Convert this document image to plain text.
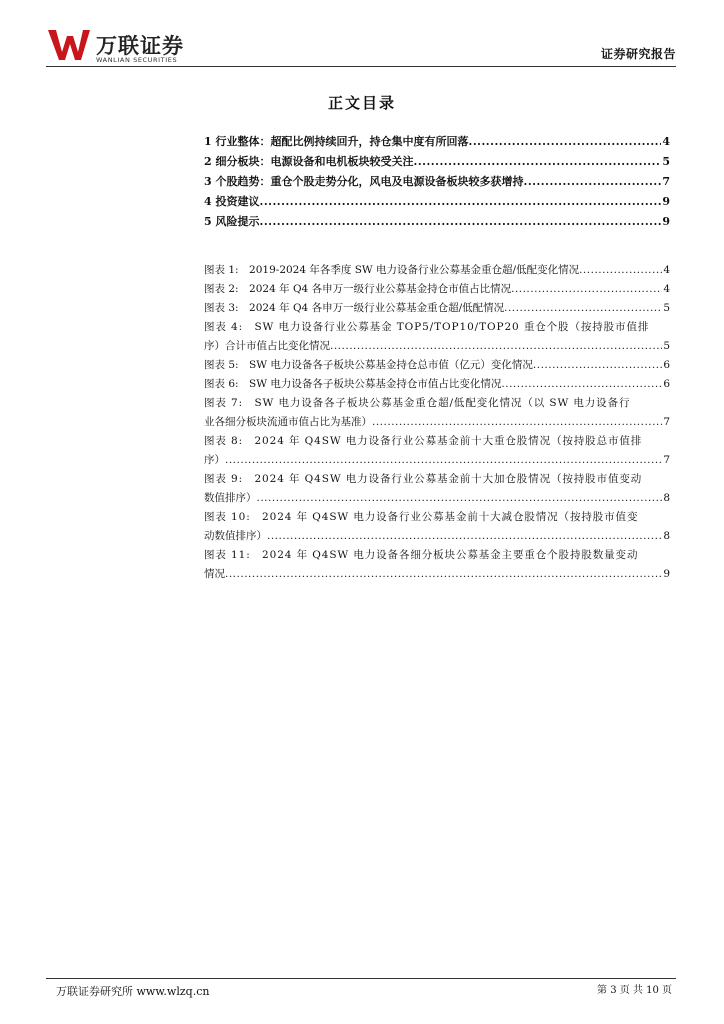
万联证券
WANLIAN SECURITIES	证券研究报告
正文目录
1 行业整体：超配比例持续回升，持仓集中度有所回落 .....	4
2 细分板块：电源设备和电机板块较受关注 .....	5
3 个股趋势：重仓个股走势分化，风电及电源设备板块较多获增持 .....	7
4 投资建议 .....	9
5 风险提示 .....	9
图表 1:　2019-2024 年各季度 SW 电力设备行业公募基金重仓超/低配变化情况 .....	4
图表 2:　2024 年 Q4 各申万一级行业公募基金持仓市值占比情况 .....	4
图表 3:　2024 年 Q4 各申万一级行业公募基金重仓超/低配情况 .....	5
图表 4:　SW 电力设备行业公募基金 TOP5/TOP10/TOP20 重仓个股（按持股市值排
序）合计市值占比变化情况 .....	5
图表 5:　SW 电力设备各子板块公募基金持仓总市值（亿元）变化情况 .....	6
图表 6:　SW 电力设备各子板块公募基金持仓市值占比变化情况 .....	6
图表 7:　SW 电力设备各子板块公募基金重仓超/低配变化情况（以 SW 电力设备行
业各细分板块流通市值占比为基准） .....	7
图表 8:　2024 年 Q4SW 电力设备行业公募基金前十大重仓股情况（按持股总市值排
序） .....	7
图表 9:　2024 年 Q4SW 电力设备行业公募基金前十大加仓股情况（按持股市值变动
数值排序） .....	8
图表 10:　2024 年 Q4SW 电力设备行业公募基金前十大减仓股情况（按持股市值变
动数值排序） .....	8
图表 11:　2024 年 Q4SW 电力设备各细分板块公募基金主要重仓个股持股数量变动
情况 .....	9
万联证券研究所 www.wlzq.cn	第 3 页 共 10 页
